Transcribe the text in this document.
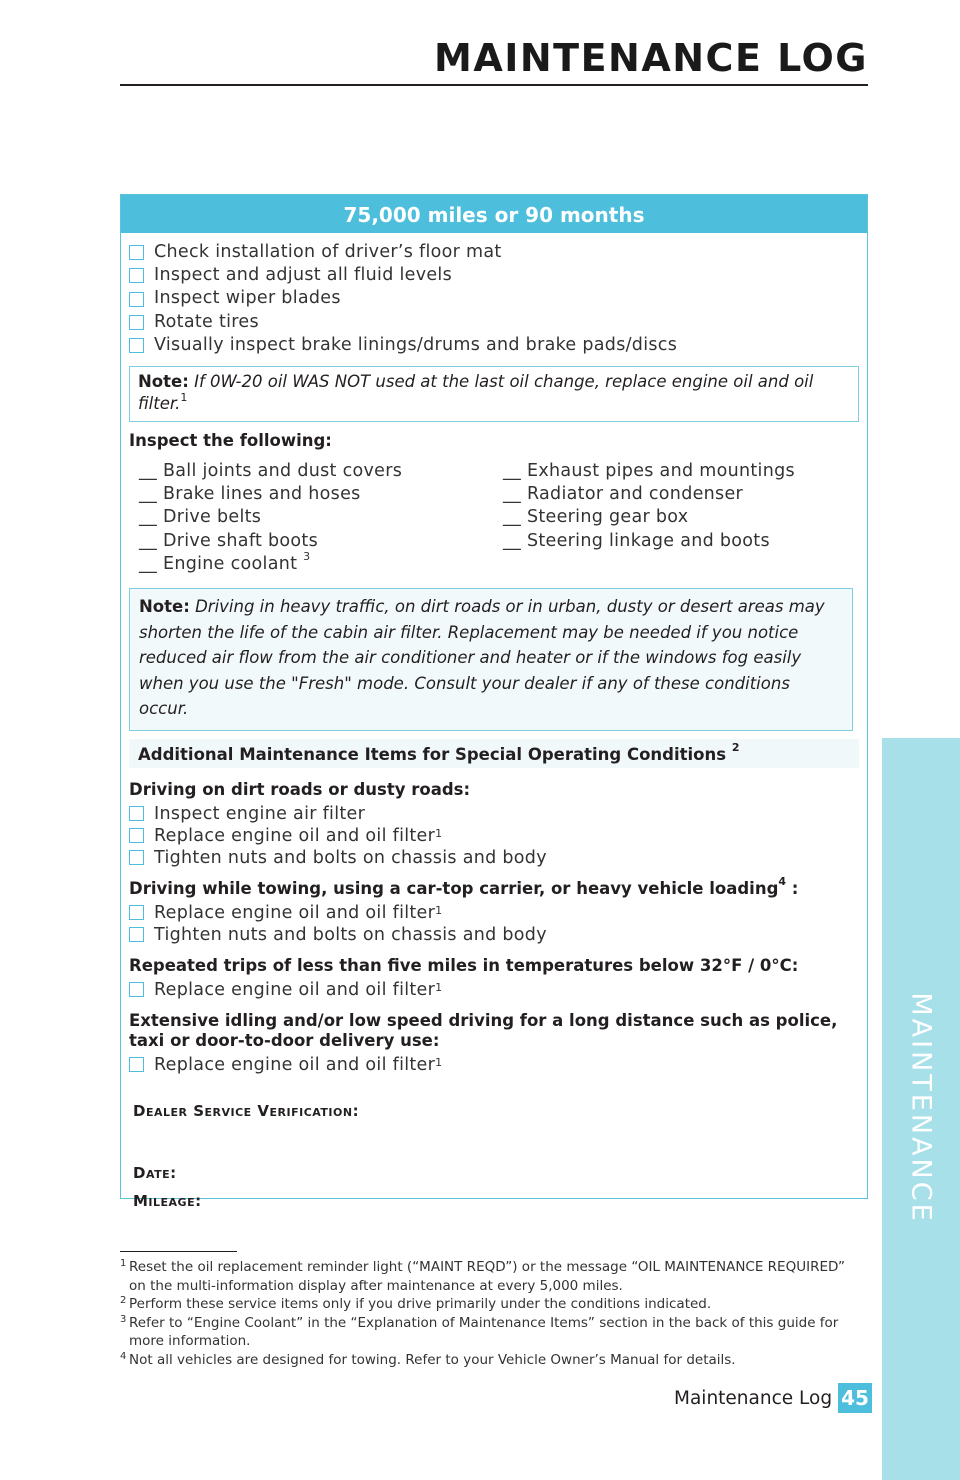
MAINTENANCE LOG
MAINTENANCE
75,000 miles or 90 months
Check installation of driver’s floor mat
Inspect and adjust all fluid levels
Inspect wiper blades
Rotate tires
Visually inspect brake linings/drums and brake pads/discs
Note: If 0W-20 oil WAS NOT used at the last oil change, replace engine oil and oil filter.$^1$
Inspect the following:
__ Ball joints and dust covers
__ Brake lines and hoses
__ Drive belts
__ Drive shaft boots
__ Engine coolant $^3$
__ Exhaust pipes and mountings
__ Radiator and condenser
__ Steering gear box
__ Steering linkage and boots
Note: Driving in heavy traffic, on dirt roads or in urban, dusty or desert areas may shorten the life of the cabin air filter. Replacement may be needed if you notice reduced air flow from the air conditioner and heater or if the windows fog easily when you use the "Fresh" mode. Consult your dealer if any of these conditions occur.
Additional Maintenance Items for Special Operating Conditions $^2$
Driving on dirt roads or dusty roads:
Inspect engine air filter
Replace engine oil and oil filter $^1$
Tighten nuts and bolts on chassis and body
Driving while towing, using a car-top carrier, or heavy vehicle loading$^4$ :
Replace engine oil and oil filter $^1$
Tighten nuts and bolts on chassis and body
Repeated trips of less than five miles in temperatures below 32°F / 0°C:
Replace engine oil and oil filter $^1$
Extensive idling and/or low speed driving for a long distance such as police, taxi or door-to-door delivery use:
Replace engine oil and oil filter $^1$
Dealer Service Verification:
Date:
Mileage:
1 Reset the oil replacement reminder light (“MAINT REQD”) or the message “OIL MAINTENANCE REQUIRED” on the multi-information display after maintenance at every 5,000 miles.
2 Perform these service items only if you drive primarily under the conditions indicated.
3 Refer to “Engine Coolant” in the “Explanation of Maintenance Items” section in the back of this guide for more information.
4 Not all vehicles are designed for towing. Refer to your Vehicle Owner’s Manual for details.
Maintenance Log 45
